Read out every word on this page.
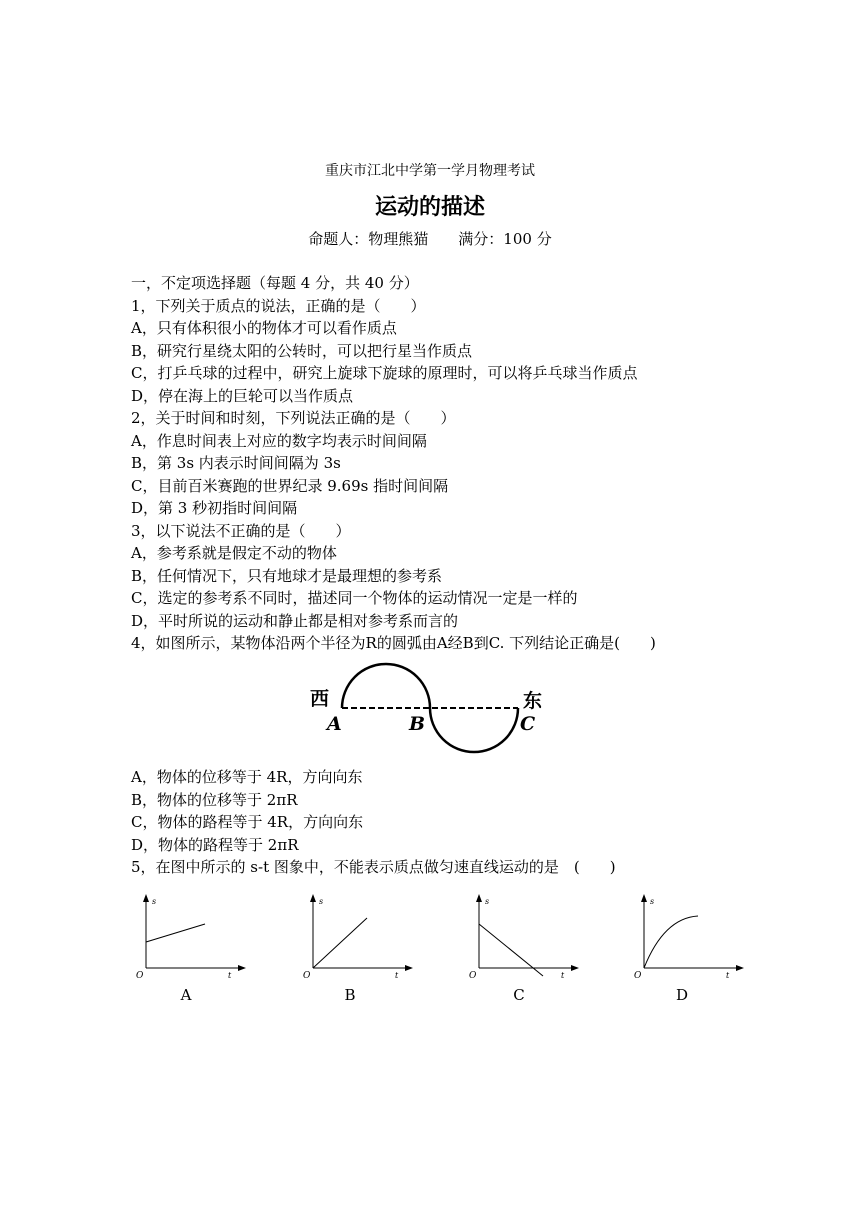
重庆市江北中学第一学月物理考试
运动的描述
命题人：物理熊猫 满分：100 分
一，不定项选择题（每题 4 分，共 40 分）
1，下列关于质点的说法，正确的是（　　）
A，只有体积很小的物体才可以看作质点
B，研究行星绕太阳的公转时，可以把行星当作质点
C，打乒乓球的过程中，研究上旋球下旋球的原理时，可以将乒乓球当作质点
D，停在海上的巨轮可以当作质点
2，关于时间和时刻，下列说法正确的是（　　）
A，作息时间表上对应的数字均表示时间间隔
B，第 3s 内表示时间间隔为 3s
C，目前百米赛跑的世界纪录 9.69s 指时间间隔
D，第 3 秒初指时间间隔
3，以下说法不正确的是（　　）
A，参考系就是假定不动的物体
B，任何情况下，只有地球才是最理想的参考系
C，选定的参考系不同时，描述同一个物体的运动情况一定是一样的
D，平时所说的运动和静止都是相对参考系而言的
4，如图所示，某物体沿两个半径为R的圆弧由A经B到C. 下列结论正确是(　　)
西	东
A	B	C
A，物体的位移等于 4R，方向向东
B，物体的位移等于 2πR
C，物体的路程等于 4R，方向向东
D，物体的路程等于 2πR
5，在图中所示的 s-t 图象中，不能表示质点做匀速直线运动的是　(　　)
s
t
O
A
s
t
O
B
s
t
O
C
s
t
O
D
